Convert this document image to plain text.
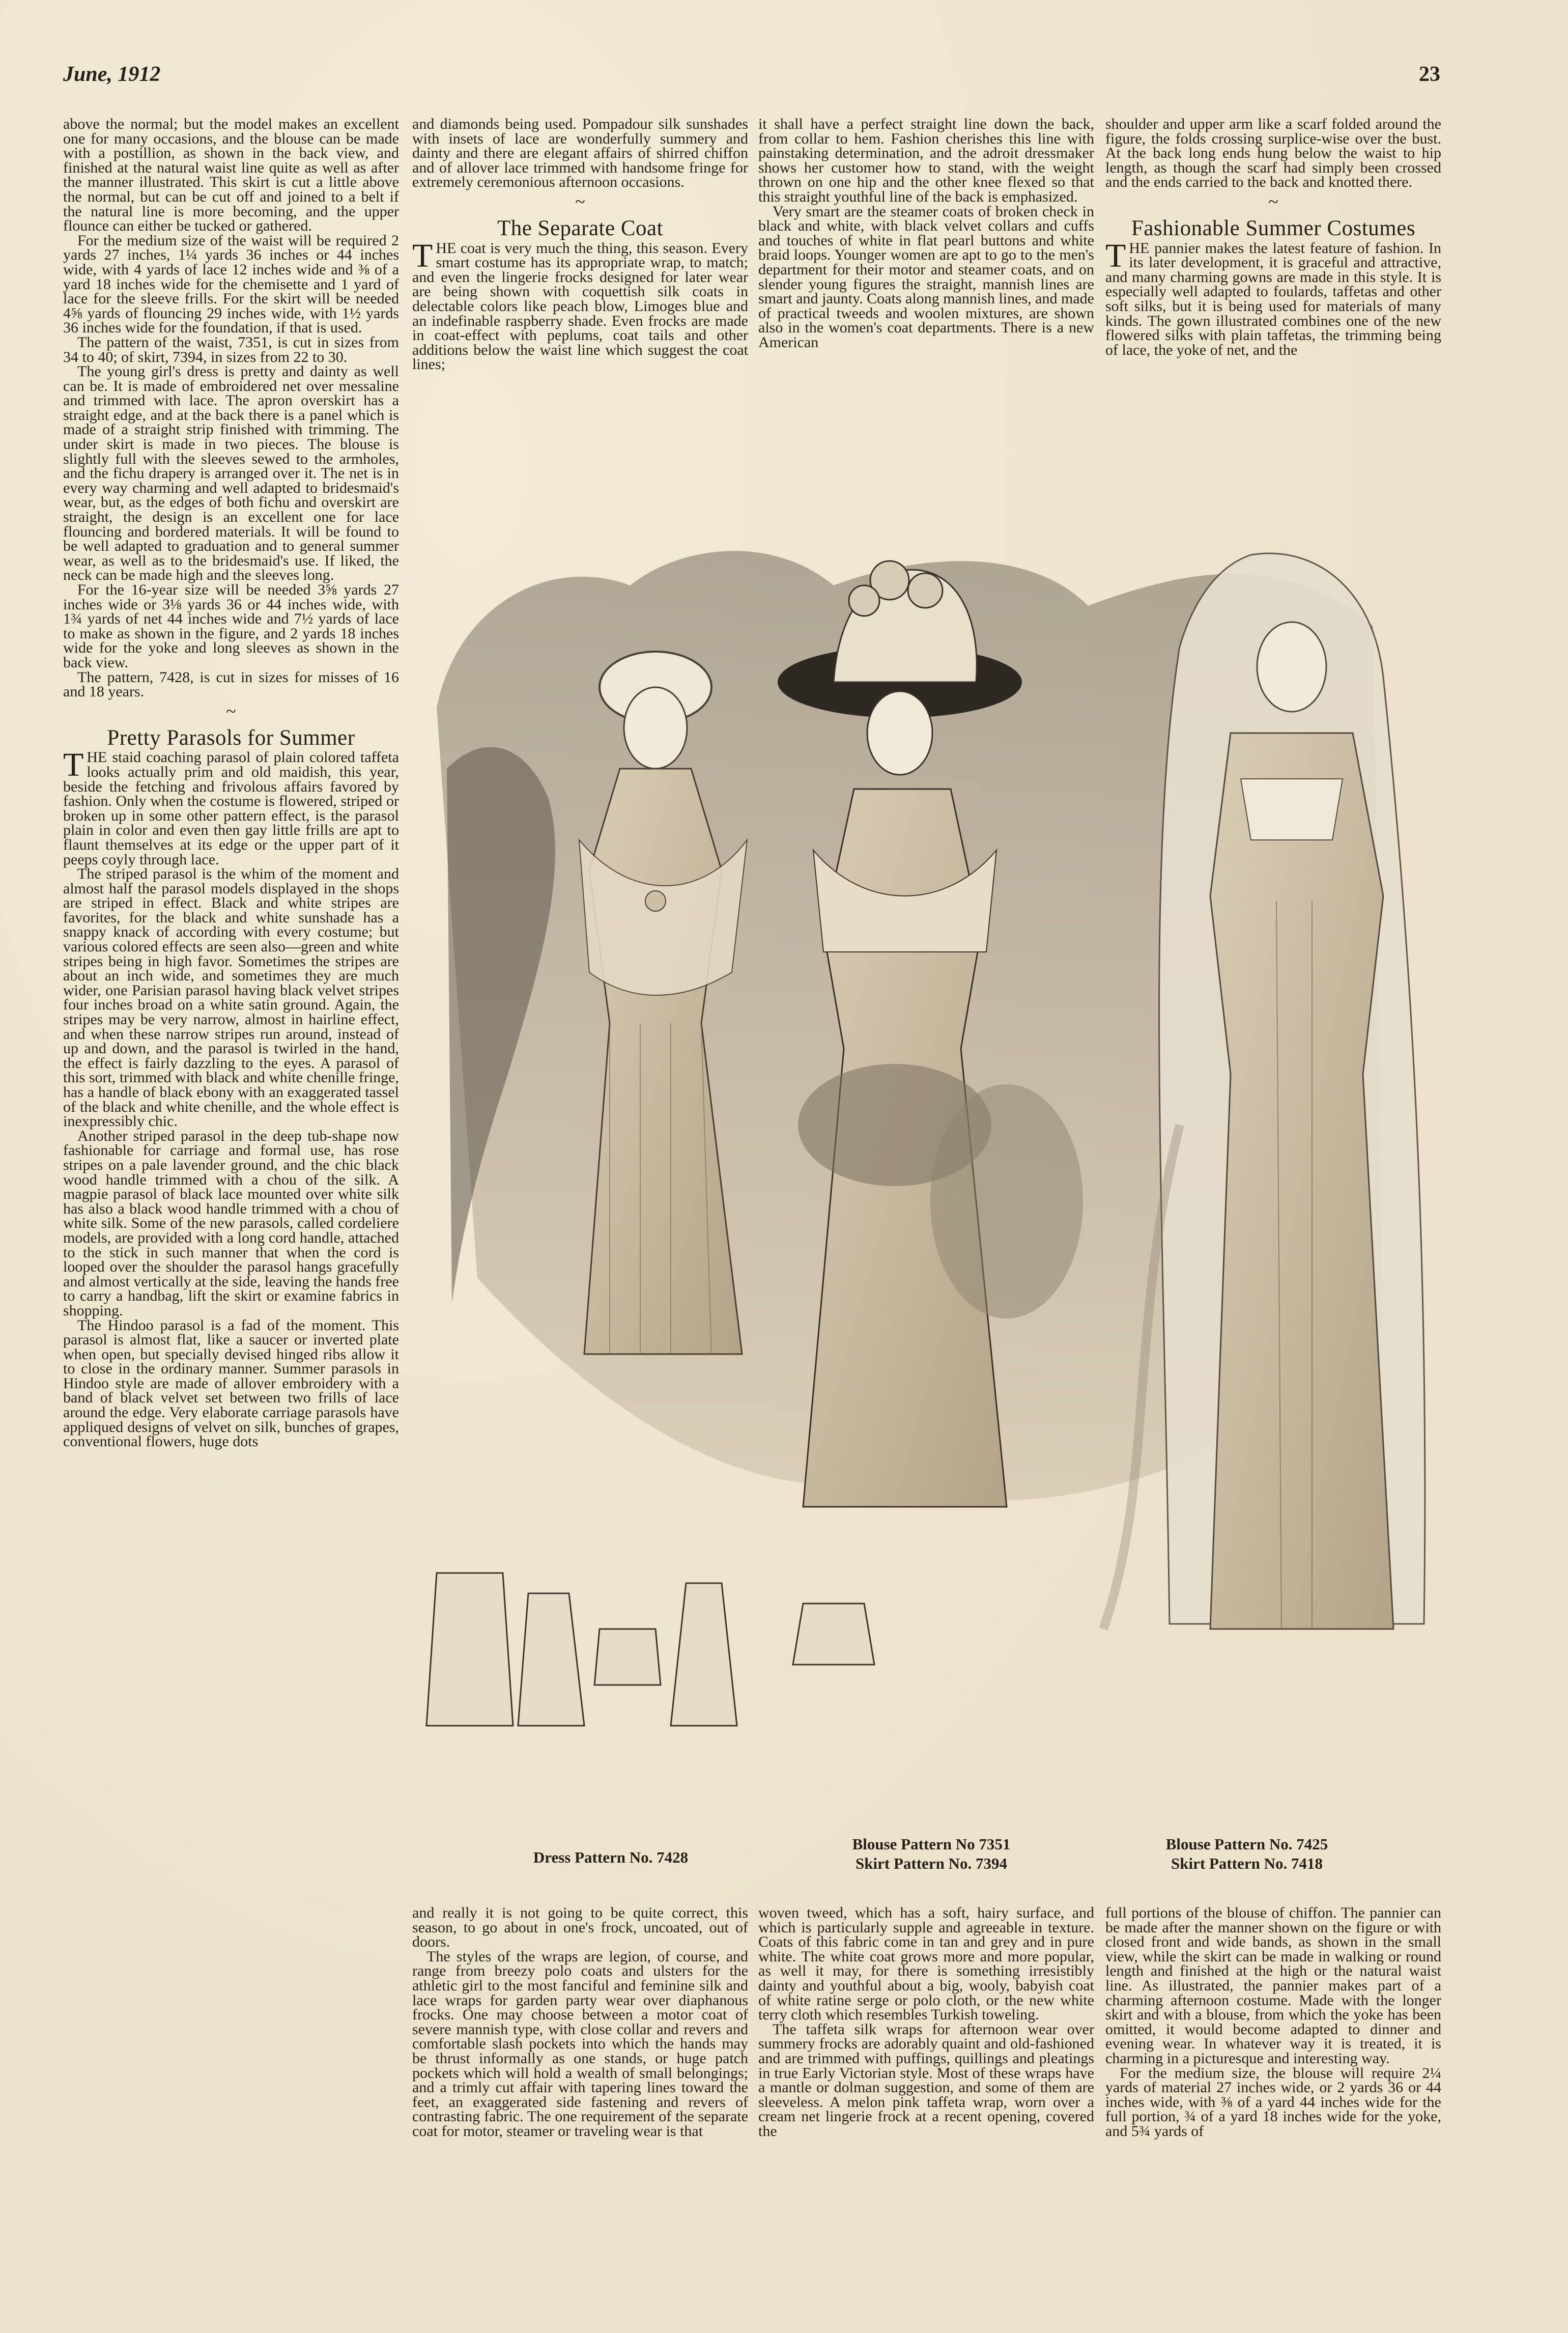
June, 1912	23

above the normal; but the model makes an excellent one for many occasions, and the blouse can be made with a postillion, as shown in the back view, and finished at the natural waist line quite as well as after the manner illustrated. This skirt is cut a little above the normal, but can be cut off and joined to a belt if the natural line is more becoming, and the upper flounce can either be tucked or gathered.

For the medium size of the waist will be required 2 yards 27 inches, 1¼ yards 36 inches or 44 inches wide, with 4 yards of lace 12 inches wide and ⅜ of a yard 18 inches wide for the chemisette and 1 yard of lace for the sleeve frills. For the skirt will be needed 4⅝ yards of flouncing 29 inches wide, with 1½ yards 36 inches wide for the foundation, if that is used.

The pattern of the waist, 7351, is cut in sizes from 34 to 40; of skirt, 7394, in sizes from 22 to 30.

The young girl's dress is pretty and dainty as well can be. It is made of embroidered net over messaline and trimmed with lace. The apron overskirt has a straight edge, and at the back there is a panel which is made of a straight strip finished with trimming. The under skirt is made in two pieces. The blouse is slightly full with the sleeves sewed to the armholes, and the fichu drapery is arranged over it. The net is in every way charming and well adapted to bridesmaid's wear, but, as the edges of both fichu and overskirt are straight, the design is an excellent one for lace flouncing and bordered materials. It will be found to be well adapted to graduation and to general summer wear, as well as to the bridesmaid's use. If liked, the neck can be made high and the sleeves long.

For the 16-year size will be needed 3⅝ yards 27 inches wide or 3⅛ yards 36 or 44 inches wide, with 1¾ yards of net 44 inches wide and 7½ yards of lace to make as shown in the figure, and 2 yards 18 inches wide for the yoke and long sleeves as shown in the back view.

The pattern, 7428, is cut in sizes for misses of 16 and 18 years.

~
Pretty Parasols for Summer

THE staid coaching parasol of plain colored taffeta looks actually prim and old maidish, this year, beside the fetching and frivolous affairs favored by fashion. Only when the costume is flowered, striped or broken up in some other pattern effect, is the parasol plain in color and even then gay little frills are apt to flaunt themselves at its edge or the upper part of it peeps coyly through lace.

The striped parasol is the whim of the moment and almost half the parasol models displayed in the shops are striped in effect. Black and white stripes are favorites, for the black and white sunshade has a snappy knack of according with every costume; but various colored effects are seen also—green and white stripes being in high favor. Sometimes the stripes are about an inch wide, and sometimes they are much wider, one Parisian parasol having black velvet stripes four inches broad on a white satin ground. Again, the stripes may be very narrow, almost in hairline effect, and when these narrow stripes run around, instead of up and down, and the parasol is twirled in the hand, the effect is fairly dazzling to the eyes. A parasol of this sort, trimmed with black and white chenille fringe, has a handle of black ebony with an exaggerated tassel of the black and white chenille, and the whole effect is inexpressibly chic.

Another striped parasol in the deep tub-shape now fashionable for carriage and formal use, has rose stripes on a pale lavender ground, and the chic black wood handle trimmed with a chou of the silk. A magpie parasol of black lace mounted over white silk has also a black wood handle trimmed with a chou of white silk. Some of the new parasols, called cordeliere models, are provided with a long cord handle, attached to the stick in such manner that when the cord is looped over the shoulder the parasol hangs gracefully and almost vertically at the side, leaving the hands free to carry a handbag, lift the skirt or examine fabrics in shopping.

The Hindoo parasol is a fad of the moment. This parasol is almost flat, like a saucer or inverted plate when open, but specially devised hinged ribs allow it to close in the ordinary manner. Summer parasols in Hindoo style are made of allover embroidery with a band of black velvet set between two frills of lace around the edge. Very elaborate carriage parasols have appliqued designs of velvet on silk, bunches of grapes, conventional flowers, huge dots

and diamonds being used. Pompadour silk sunshades with insets of lace are wonderfully summery and dainty and there are elegant affairs of shirred chiffon and of allover lace trimmed with handsome fringe for extremely ceremonious afternoon occasions.

~
The Separate Coat

THE coat is very much the thing, this season. Every smart costume has its appropriate wrap, to match; and even the lingerie frocks designed for later wear are being shown with coquettish silk coats in delectable colors like peach blow, Limoges blue and an indefinable raspberry shade. Even frocks are made in coat-effect with peplums, coat tails and other additions below the waist line which suggest the coat lines;

it shall have a perfect straight line down the back, from collar to hem. Fashion cherishes this line with painstaking determination, and the adroit dressmaker shows her customer how to stand, with the weight thrown on one hip and the other knee flexed so that this straight youthful line of the back is emphasized.

Very smart are the steamer coats of broken check in black and white, with black velvet collars and cuffs and touches of white in flat pearl buttons and white braid loops. Younger women are apt to go to the men's department for their motor and steamer coats, and on slender young figures the straight, mannish lines are smart and jaunty. Coats along mannish lines, and made of practical tweeds and woolen mixtures, are shown also in the women's coat departments. There is a new American

shoulder and upper arm like a scarf folded around the figure, the folds crossing surplice-wise over the bust. At the back long ends hung below the waist to hip length, as though the scarf had simply been crossed and the ends carried to the back and knotted there.

~
Fashionable Summer Costumes

THE pannier makes the latest feature of fashion. In its later development, it is graceful and attractive, and many charming gowns are made in this style. It is especially well adapted to foulards, taffetas and other soft silks, but it is being used for materials of many kinds. The gown illustrated combines one of the new flowered silks with plain taffetas, the trimming being of lace, the yoke of net, and the

Dress Pattern No. 7428
Blouse Pattern No 7351
Skirt Pattern No. 7394
Blouse Pattern No. 7425
Skirt Pattern No. 7418

and really it is not going to be quite correct, this season, to go about in one's frock, uncoated, out of doors.

The styles of the wraps are legion, of course, and range from breezy polo coats and ulsters for the athletic girl to the most fanciful and feminine silk and lace wraps for garden party wear over diaphanous frocks. One may choose between a motor coat of severe mannish type, with close collar and revers and comfortable slash pockets into which the hands may be thrust informally as one stands, or huge patch pockets which will hold a wealth of small belongings; and a trimly cut affair with tapering lines toward the feet, an exaggerated side fastening and revers of contrasting fabric. The one requirement of the separate coat for motor, steamer or traveling wear is that

woven tweed, which has a soft, hairy surface, and which is particularly supple and agreeable in texture. Coats of this fabric come in tan and grey and in pure white. The white coat grows more and more popular, as well it may, for there is something irresistibly dainty and youthful about a big, wooly, babyish coat of white ratine serge or polo cloth, or the new white terry cloth which resembles Turkish toweling.

The taffeta silk wraps for afternoon wear over summery frocks are adorably quaint and old-fashioned and are trimmed with puffings, quillings and pleatings in true Early Victorian style. Most of these wraps have a mantle or dolman suggestion, and some of them are sleeveless. A melon pink taffeta wrap, worn over a cream net lingerie frock at a recent opening, covered the

full portions of the blouse of chiffon. The pannier can be made after the manner shown on the figure or with closed front and wide bands, as shown in the small view, while the skirt can be made in walking or round length and finished at the high or the natural waist line. As illustrated, the pannier makes part of a charming afternoon costume. Made with the longer skirt and with a blouse, from which the yoke has been omitted, it would become adapted to dinner and evening wear. In whatever way it is treated, it is charming in a picturesque and interesting way.

For the medium size, the blouse will require 2¼ yards of material 27 inches wide, or 2 yards 36 or 44 inches wide, with ⅜ of a yard 44 inches wide for the full portion, ¾ of a yard 18 inches wide for the yoke, and 5¾ yards of
